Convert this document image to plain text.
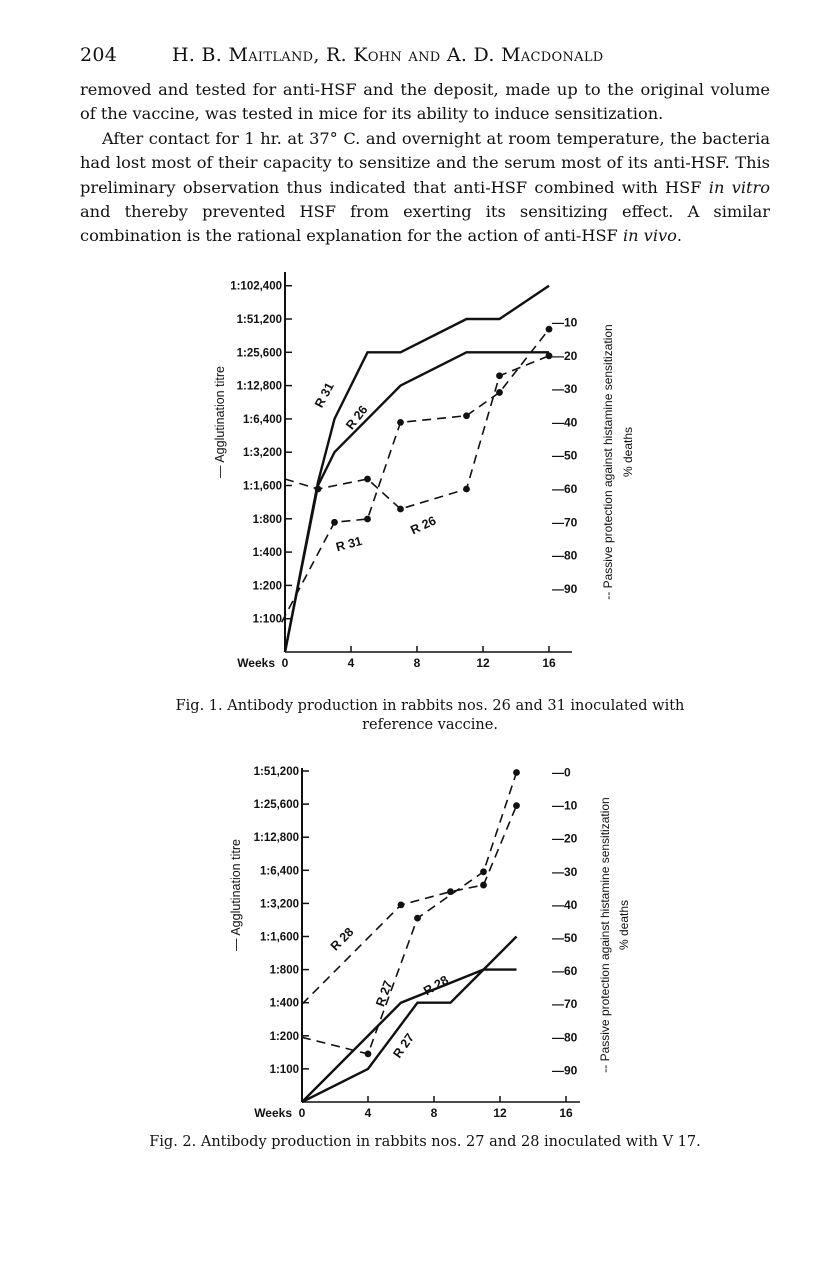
204	H. B. Maitland, R. Kohn and A. D. Macdonald

removed and tested for anti-HSF and the deposit, made up to the original volume of the vaccine, was tested in mice for its ability to induce sensitization.

After contact for 1 hr. at 37° C. and overnight at room temperature, the bacteria had lost most of their capacity to sensitize and the serum most of its anti-HSF. This preliminary observation thus indicated that anti-HSF combined with HSF in vitro and thereby prevented HSF from exerting its sensitizing effect. A similar combination is the rational explanation for the action of anti-HSF in vivo.

1:100
1:200
1:400
1:800
1:1,600
1:3,200
1:6,400
1:12,800
1:25,600
1:51,200
1:102,400
—10
—20
—30
—40
—50
—60
—70
—80
—90
0	4	8	12	16
Weeks
— Agglutination titre	-- Passive protection against histamine sensitization % deaths
R 31
R 26
R 31
R 26
Fig. 1. Antibody production in rabbits nos. 26 and 31 inoculated with reference vaccine.
1:100
1:200
1:400
1:800
1:1,600
1:3,200
1:6,400
1:12,800
1:25,600
1:51,200	—0
—10
—20
—30
—40
—50
—60
—70
—80
—90
0	4	8	12	16
Weeks
— Agglutination titre	-- Passive protection against histamine sensitization % deaths
R 28
R 27 R 28
R 27
Fig. 2. Antibody production in rabbits nos. 27 and 28 inoculated with V 17.
